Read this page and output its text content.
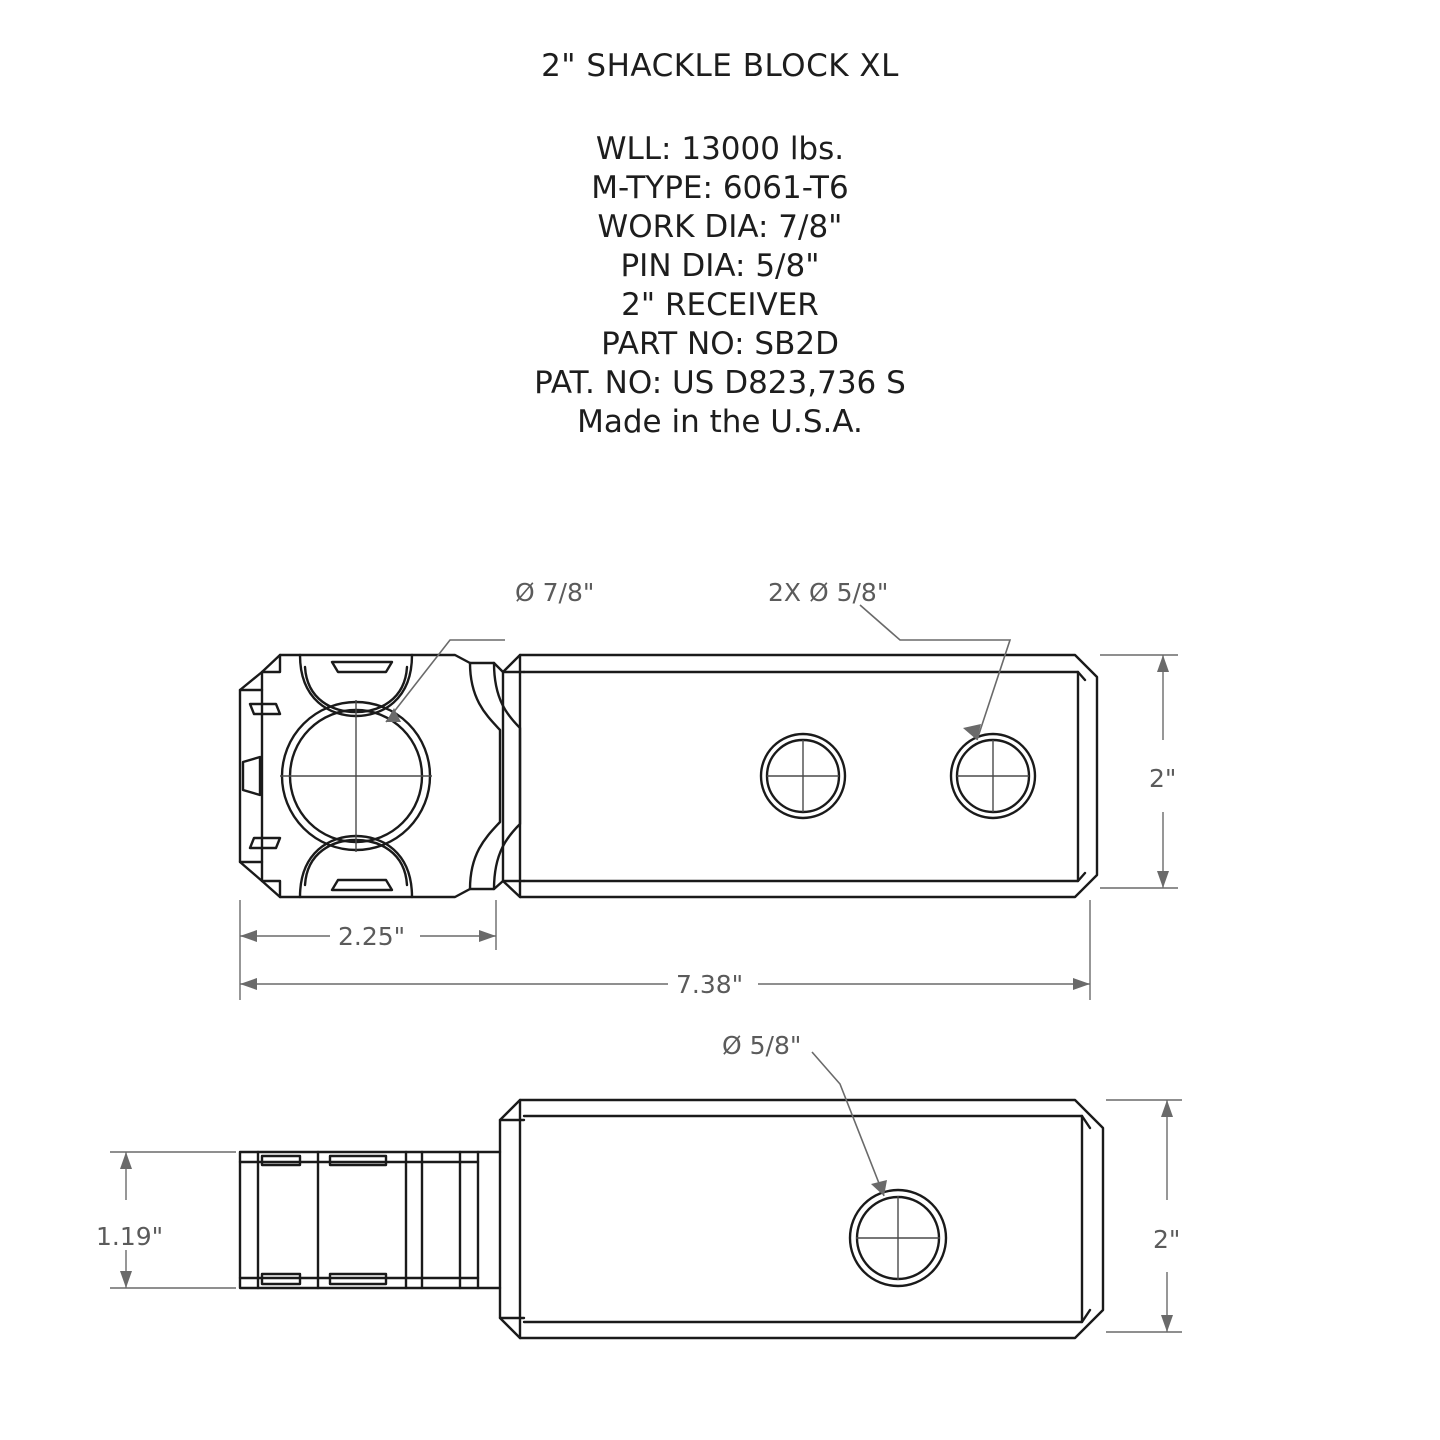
2" SHACKLE BLOCK XL
WLL: 13000 lbs.
M-TYPE: 6061-T6
WORK DIA: 7/8"
PIN DIA: 5/8"
2" RECEIVER
PART NO: SB2D
PAT. NO: US D823,736 S
Made in the U.S.A.
Ø 7/8"	2X Ø 5/8"
2"
2.25"
7.38"
Ø 5/8"
2"
1.19"
